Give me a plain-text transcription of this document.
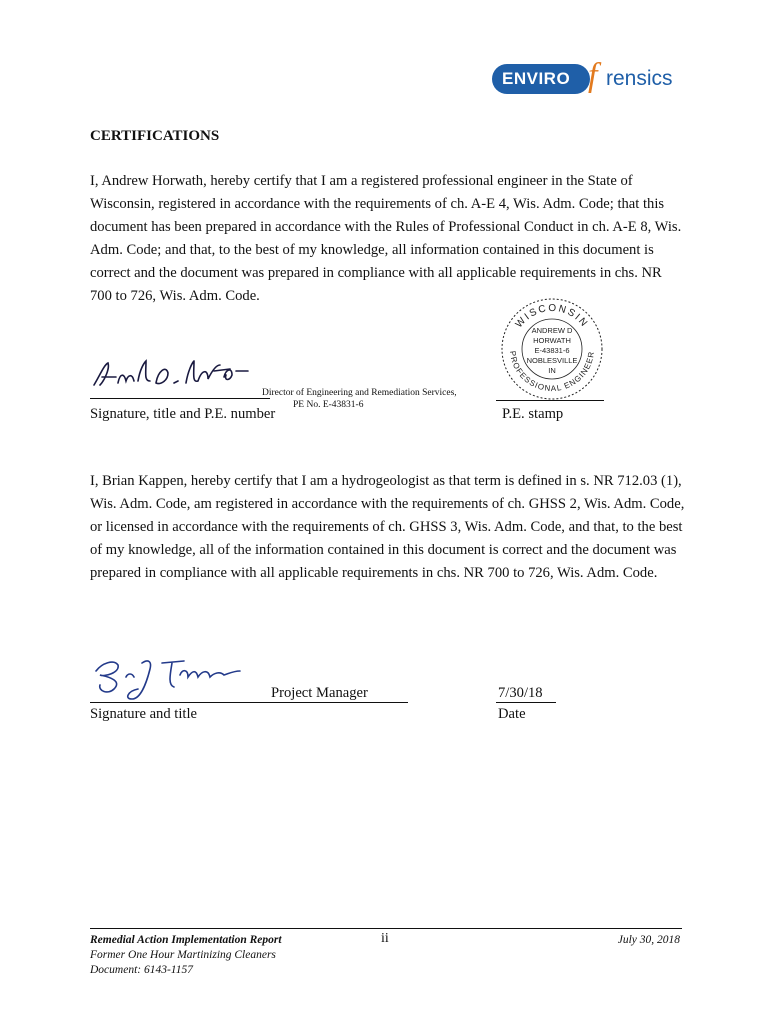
ENVIRO f rensics
CERTIFICATIONS

I, Andrew Horwath, hereby certify that I am a registered professional engineer in the State of Wisconsin, registered in accordance with the requirements of ch. A-E 4, Wis. Adm. Code; that this document has been prepared in accordance with the Rules of Professional Conduct in ch. A-E 8, Wis. Adm. Code; and that, to the best of my knowledge, all information contained in this document is correct and the document was prepared in compliance with all applicable requirements in chs. NR 700 to 726, Wis. Adm. Code.

Director of Engineering and Remediation Services,
PE No. E-43831-6
Signature, title and P.E. number
WISCONSIN
PROFESSIONAL ENGINEER
ANDREW D
HORWATH
E-43831-6
NOBLESVILLE
IN
P.E. stamp

I, Brian Kappen, hereby certify that I am a hydrogeologist as that term is defined in s. NR 712.03 (1), Wis. Adm. Code, am registered in accordance with the requirements of ch. GHSS 2, Wis. Adm. Code, or licensed in accordance with the requirements of ch. GHSS 3, Wis. Adm. Code, and that, to the best of my knowledge, all of the information contained in this document is correct and the document was prepared in compliance with all applicable requirements in chs. NR 700 to 726, Wis. Adm. Code.

Project Manager
Signature and title
7/30/18
Date
Remedial Action Implementation Report
Former One Hour Martinizing Cleaners
Document: 6143-1157
ii	July 30, 2018
